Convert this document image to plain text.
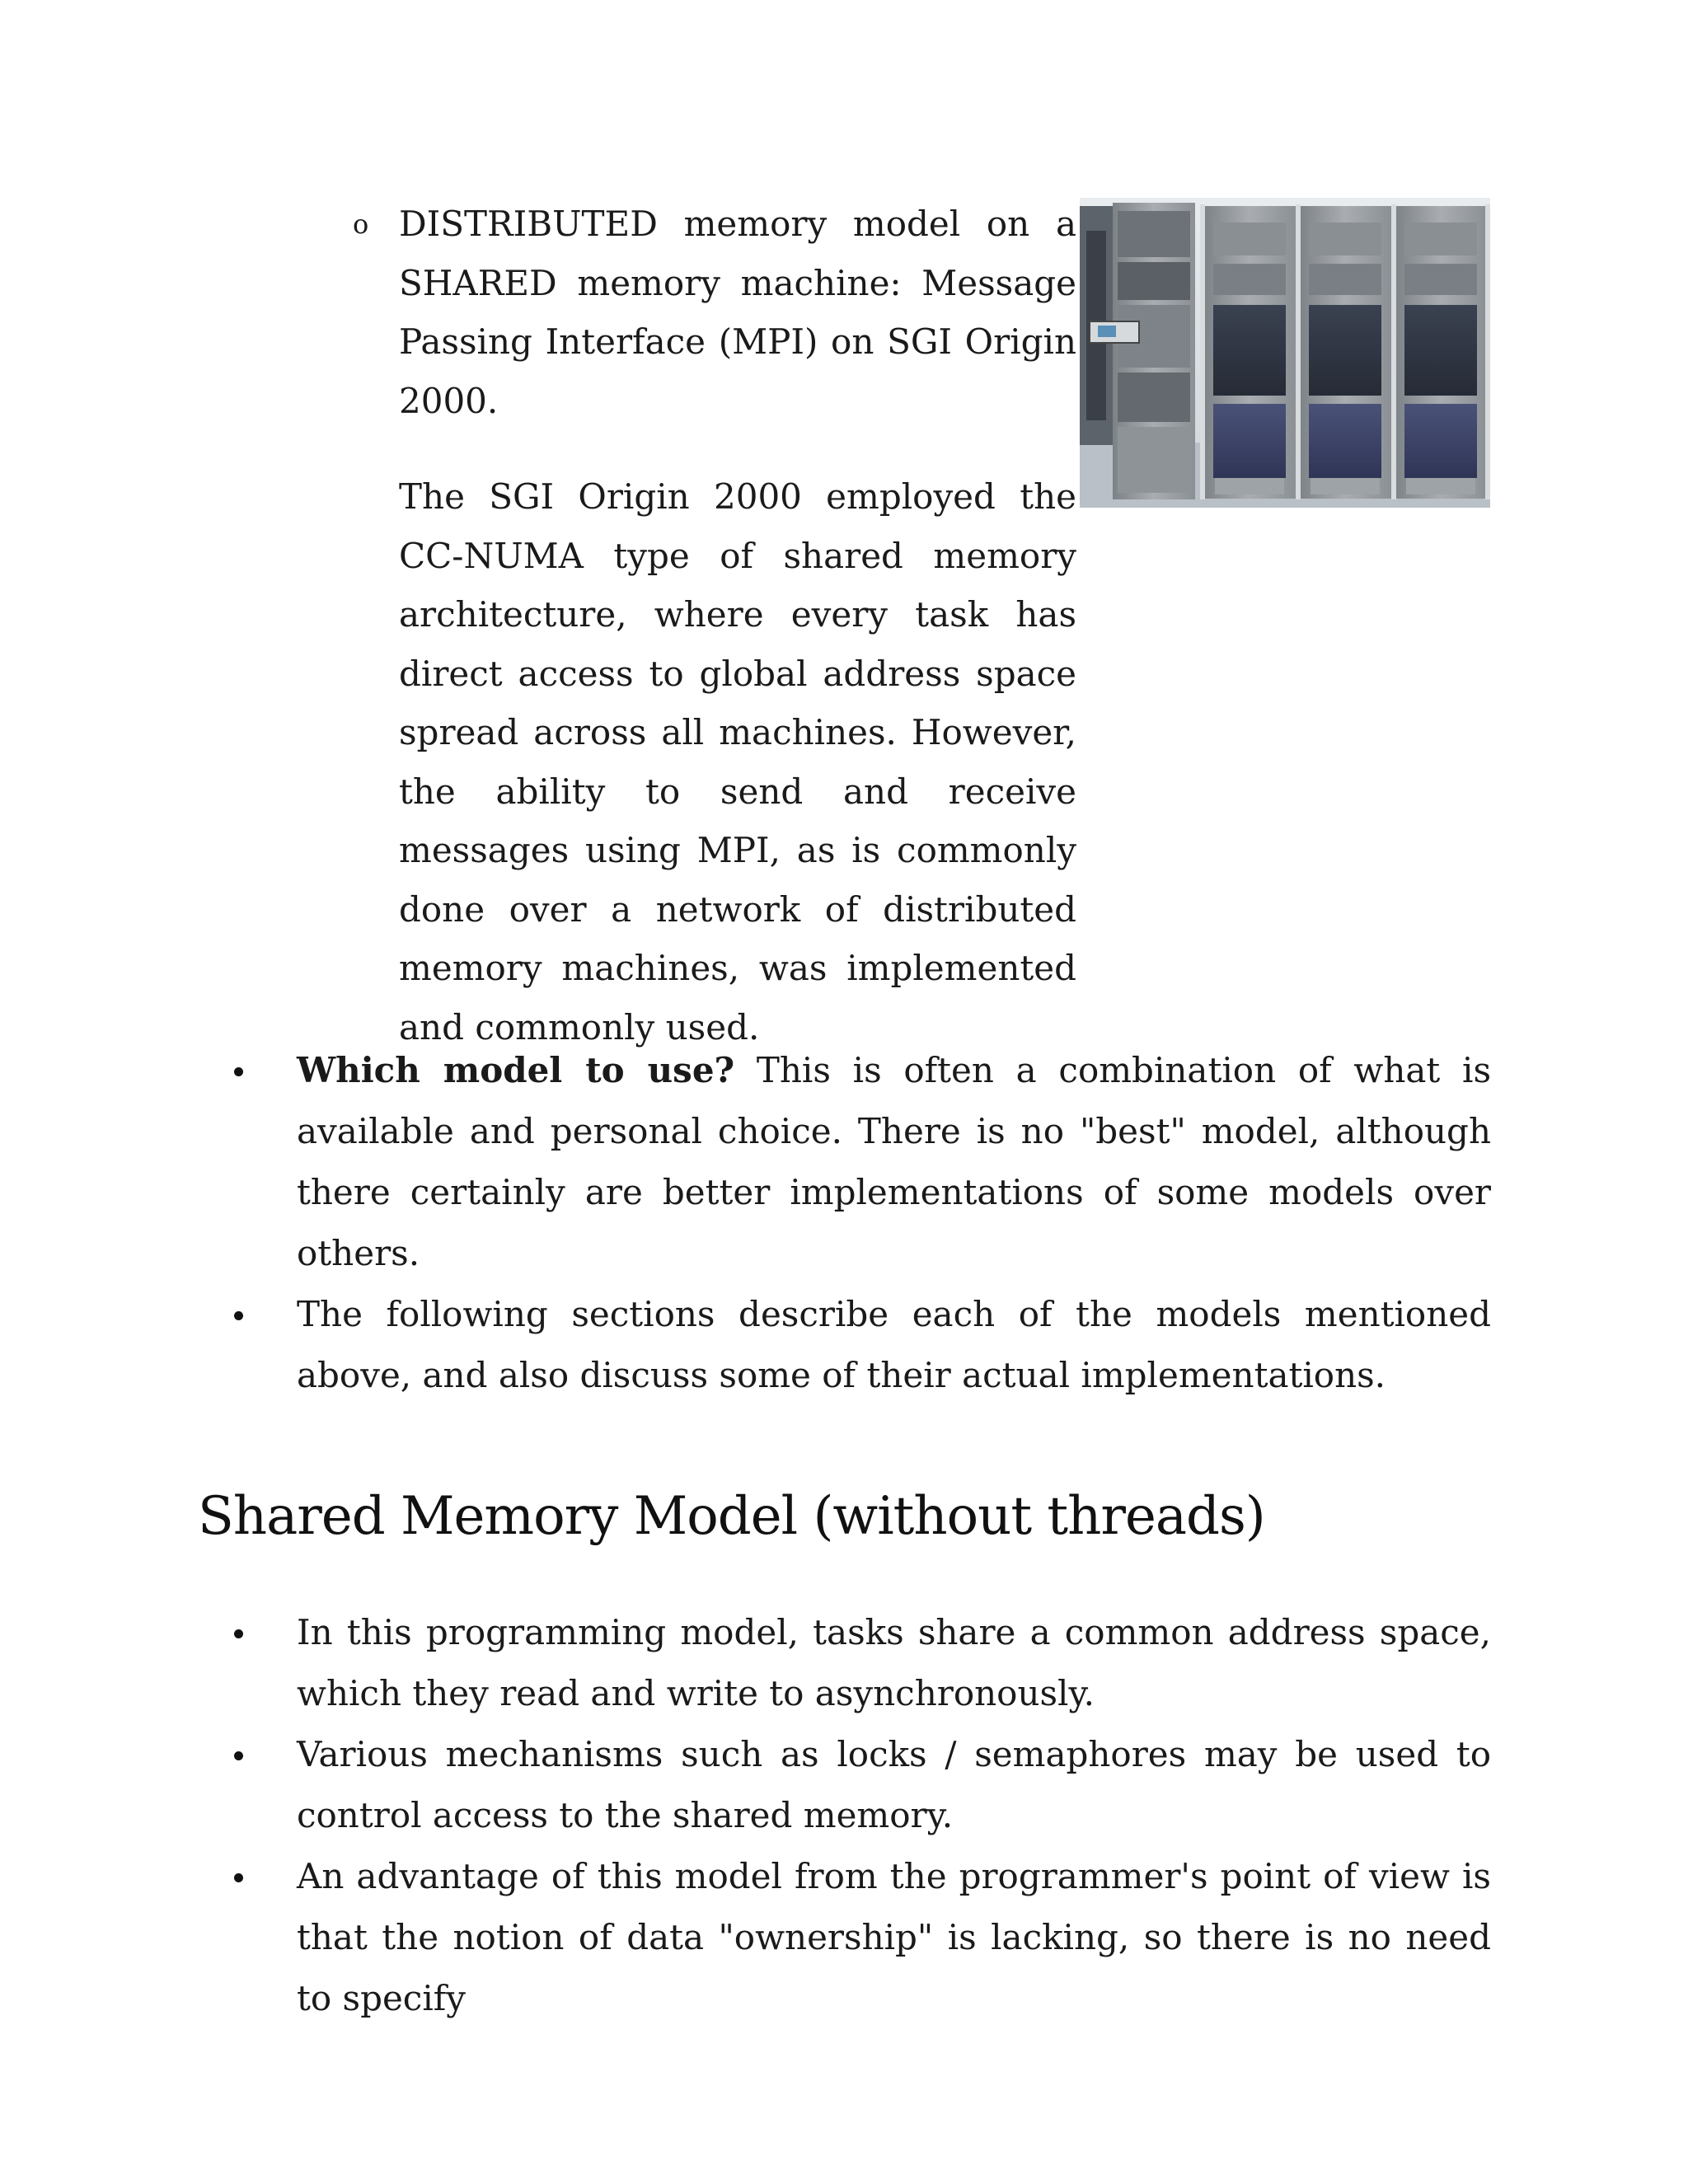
o DISTRIBUTED memory model on a SHARED memory machine: Message Passing Interface (MPI) on SGI Origin 2000.

The SGI Origin 2000 employed the CC-NUMA type of shared memory architecture, where every task has direct access to global address space spread across all machines. However, the ability to send and receive messages using MPI, as is commonly done over a network of distributed memory machines, was implemented and commonly used.

Which model to use? This is often a combination of what is available and personal choice. There is no "best" model, although there certainly are better implementations of some models over others.
The following sections describe each of the models mentioned above, and also discuss some of their actual implementations.
Shared Memory Model (without threads)
In this programming model, tasks share a common address space, which they read and write to asynchronously.
Various mechanisms such as locks / semaphores may be used to control access to the shared memory.
An advantage of this model from the programmer's point of view is that the notion of data "ownership" is lacking, so there is no need to specify
